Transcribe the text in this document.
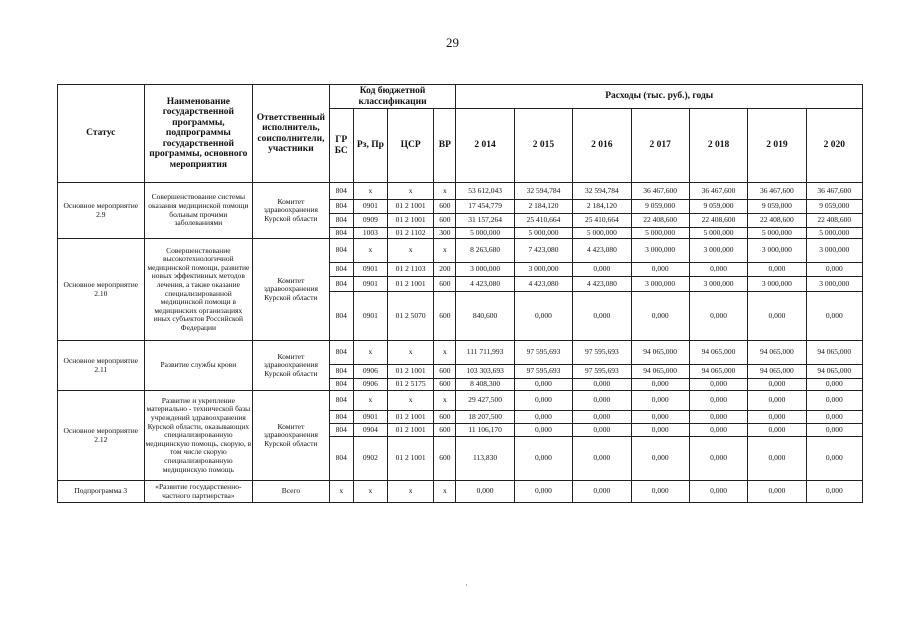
29
Статус	Наименование государственной программы, подпрограммы государственной программы, основного мероприятия	Ответственный исполнитель, соисполнители, участники	Код бюджетной классификации				Расходы (тыс. руб.), годы						
			ГР БС	Рз, Пр	ЦСР	ВР	2 014	2 015	2 016	2 017	2 018	2 019	2 020
Основное мероприятие 2.9	Совершенствование системы оказания медицинской помощи больным прочими заболеваниями	Комитет здравоохранения Курской области	804	x	x	x	53 612,043	32 594,784	32 594,784	36 467,600	36 467,600	36 467,600	36 467,600
			804	0901	01 2 1001	600	17 454,779	2 184,120	2 184,120	9 059,000	9 059,000	9 059,000	9 059,000
			804	0909	01 2 1001	600	31 157,264	25 410,664	25 410,664	22 408,600	22 408,600	22 408,600	22 408,600
			804	1003	01 2 1102	300	5 000,000	5 000,000	5 000,000	5 000,000	5 000,000	5 000,000	5 000,000
Основное мероприятие 2.10	Совершенствование высокотехнологичной медицинской помощи, развитие новых эффективных методов лечения, а также оказание специализированной медицинской помощи в медицинских организациях иных субъектов Российской Федерации	Комитет здравоохранения Курской области	804	x	x	x	8 263,680	7 423,080	4 423,080	3 000,000	3 000,000	3 000,000	3 000,000
			804	0901	01 2 1103	200	3 000,000	3 000,000	0,000	0,000	0,000	0,000	0,000
			804	0901	01 2 1001	600	4 423,080	4 423,080	4 423,080	3 000,000	3 000,000	3 000,000	3 000,000
			804	0901	01 2 5070	600	840,600	0,000	0,000	0,000	0,000	0,000	0,000
Основное мероприятие 2.11	Развитие службы крови	Комитет здравоохранения Курской области	804	x	x	x	111 711,993	97 595,693	97 595,693	94 065,000	94 065,000	94 065,000	94 065,000
			804	0906	01 2 1001	600	103 303,693	97 595,693	97 595,693	94 065,000	94 065,000	94 065,000	94 065,000
			804	0906	01 2 5175	600	8 408,300	0,000	0,000	0,000	0,000	0,000	0,000
Основное мероприятие 2.12	Развитие и укрепление материально - технической базы учреждений здравоохранения Курской области, оказывающих специализированную медицинскую помощь, скорую, в том числе скорую специализированную медицинскую помощь	Комитет здравоохранения Курской области	804	x	x	x	29 427,500	0,000	0,000	0,000	0,000	0,000	0,000
			804	0901	01 2 1001	600	18 207,500	0,000	0,000	0,000	0,000	0,000	0,000
			804	0904	01 2 1001	600	11 106,170	0,000	0,000	0,000	0,000	0,000	0,000
			804	0902	01 2 1001	600	113,830	0,000	0,000	0,000	0,000	0,000	0,000
Подпрограмма 3	«Развитие государственно-частного партнерства»	Всего	x	x	x	x	0,000	0,000	0,000	0,000	0,000	0,000	0,000
·
